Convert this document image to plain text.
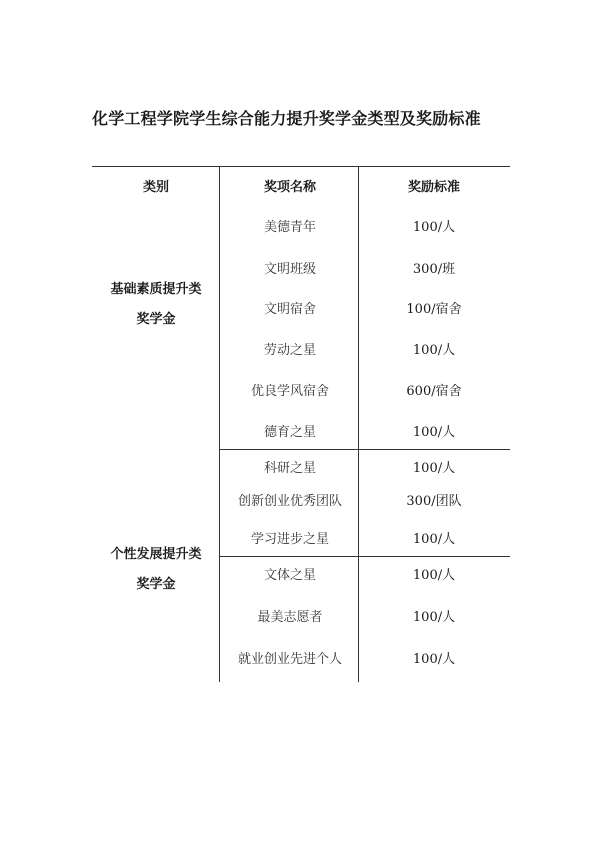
化学工程学院学生综合能力提升奖学金类型及奖励标准
类别	奖项名称	奖励标准
基础素质提升类
奖学金
个性发展提升类
奖学金
美德青年
文明班级
文明宿舍
劳动之星
优良学风宿舍
德育之星
科研之星
创新创业优秀团队
学习进步之星
文体之星
最美志愿者
就业创业先进个人
100/人
300/班
100/宿舍
100/人
600/宿舍
100/人
100/人
300/团队
100/人
100/人
100/人
100/人
